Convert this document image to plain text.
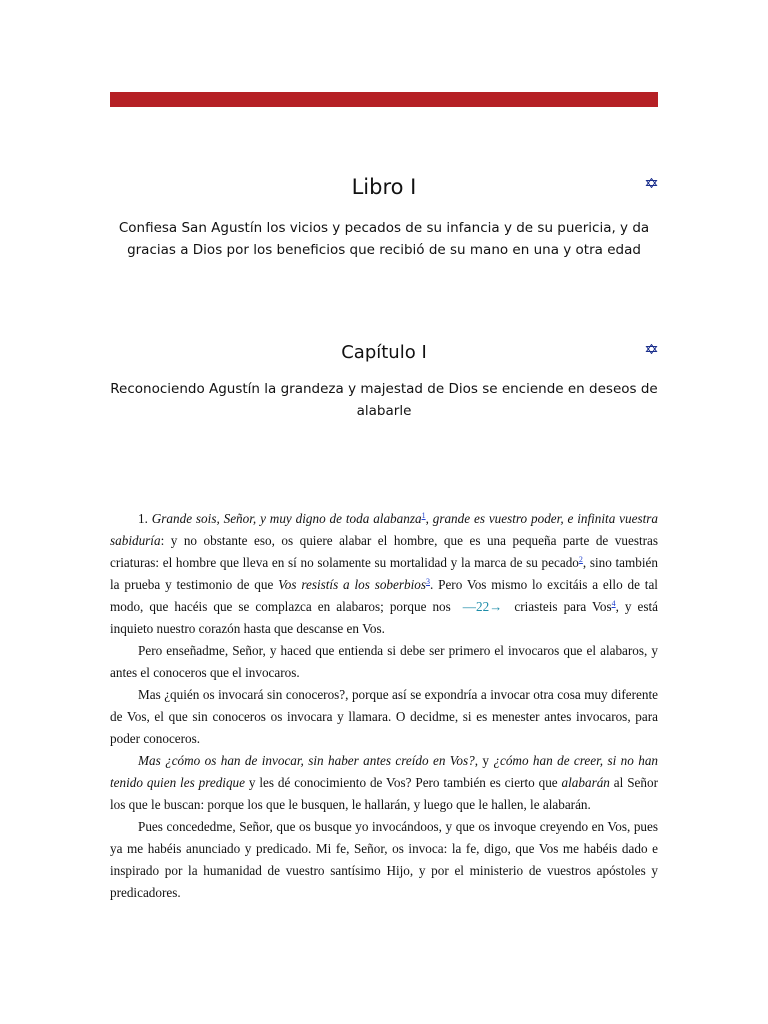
Libro I
Confiesa San Agustín los vicios y pecados de su infancia y de su puericia, y da gracias a Dios por los beneficios que recibió de su mano en una y otra edad
Capítulo I
Reconociendo Agustín la grandeza y majestad de Dios se enciende en deseos de alabarle

1. Grande sois, Señor, y muy digno de toda alabanza$^1$, grande es vuestro poder, e infinita vuestra sabiduría: y no obstante eso, os quiere alabar el hombre, que es una pequeña parte de vuestras criaturas: el hombre que lleva en sí no solamente su mortalidad y la marca de su pecado$^2$, sino también la prueba y testimonio de que Vos resistís a los soberbios$^3$. Pero Vos mismo lo excitáis a ello de tal modo, que hacéis que se complazca en alabaros; porque nos —22→ criasteis para Vos$^4$, y está inquieto nuestro corazón hasta que descanse en Vos.

Pero enseñadme, Señor, y haced que entienda si debe ser primero el invocaros que el alabaros, y antes el conoceros que el invocaros.

Mas ¿quién os invocará sin conoceros?, porque así se expondría a invocar otra cosa muy diferente de Vos, el que sin conoceros os invocara y llamara. O decidme, si es menester antes invocaros, para poder conoceros.

Mas ¿cómo os han de invocar, sin haber antes creído en Vos?, y ¿cómo han de creer, si no han tenido quien les predique y les dé conocimiento de Vos? Pero también es cierto que alabarán al Señor los que le buscan: porque los que le busquen, le hallarán, y luego que le hallen, le alabarán.

Pues concededme, Señor, que os busque yo invocándoos, y que os invoque creyendo en Vos, pues ya me habéis anunciado y predicado. Mi fe, Señor, os invoca: la fe, digo, que Vos me habéis dado e inspirado por la humanidad de vuestro santísimo Hijo, y por el ministerio de vuestros apóstoles y predicadores.
